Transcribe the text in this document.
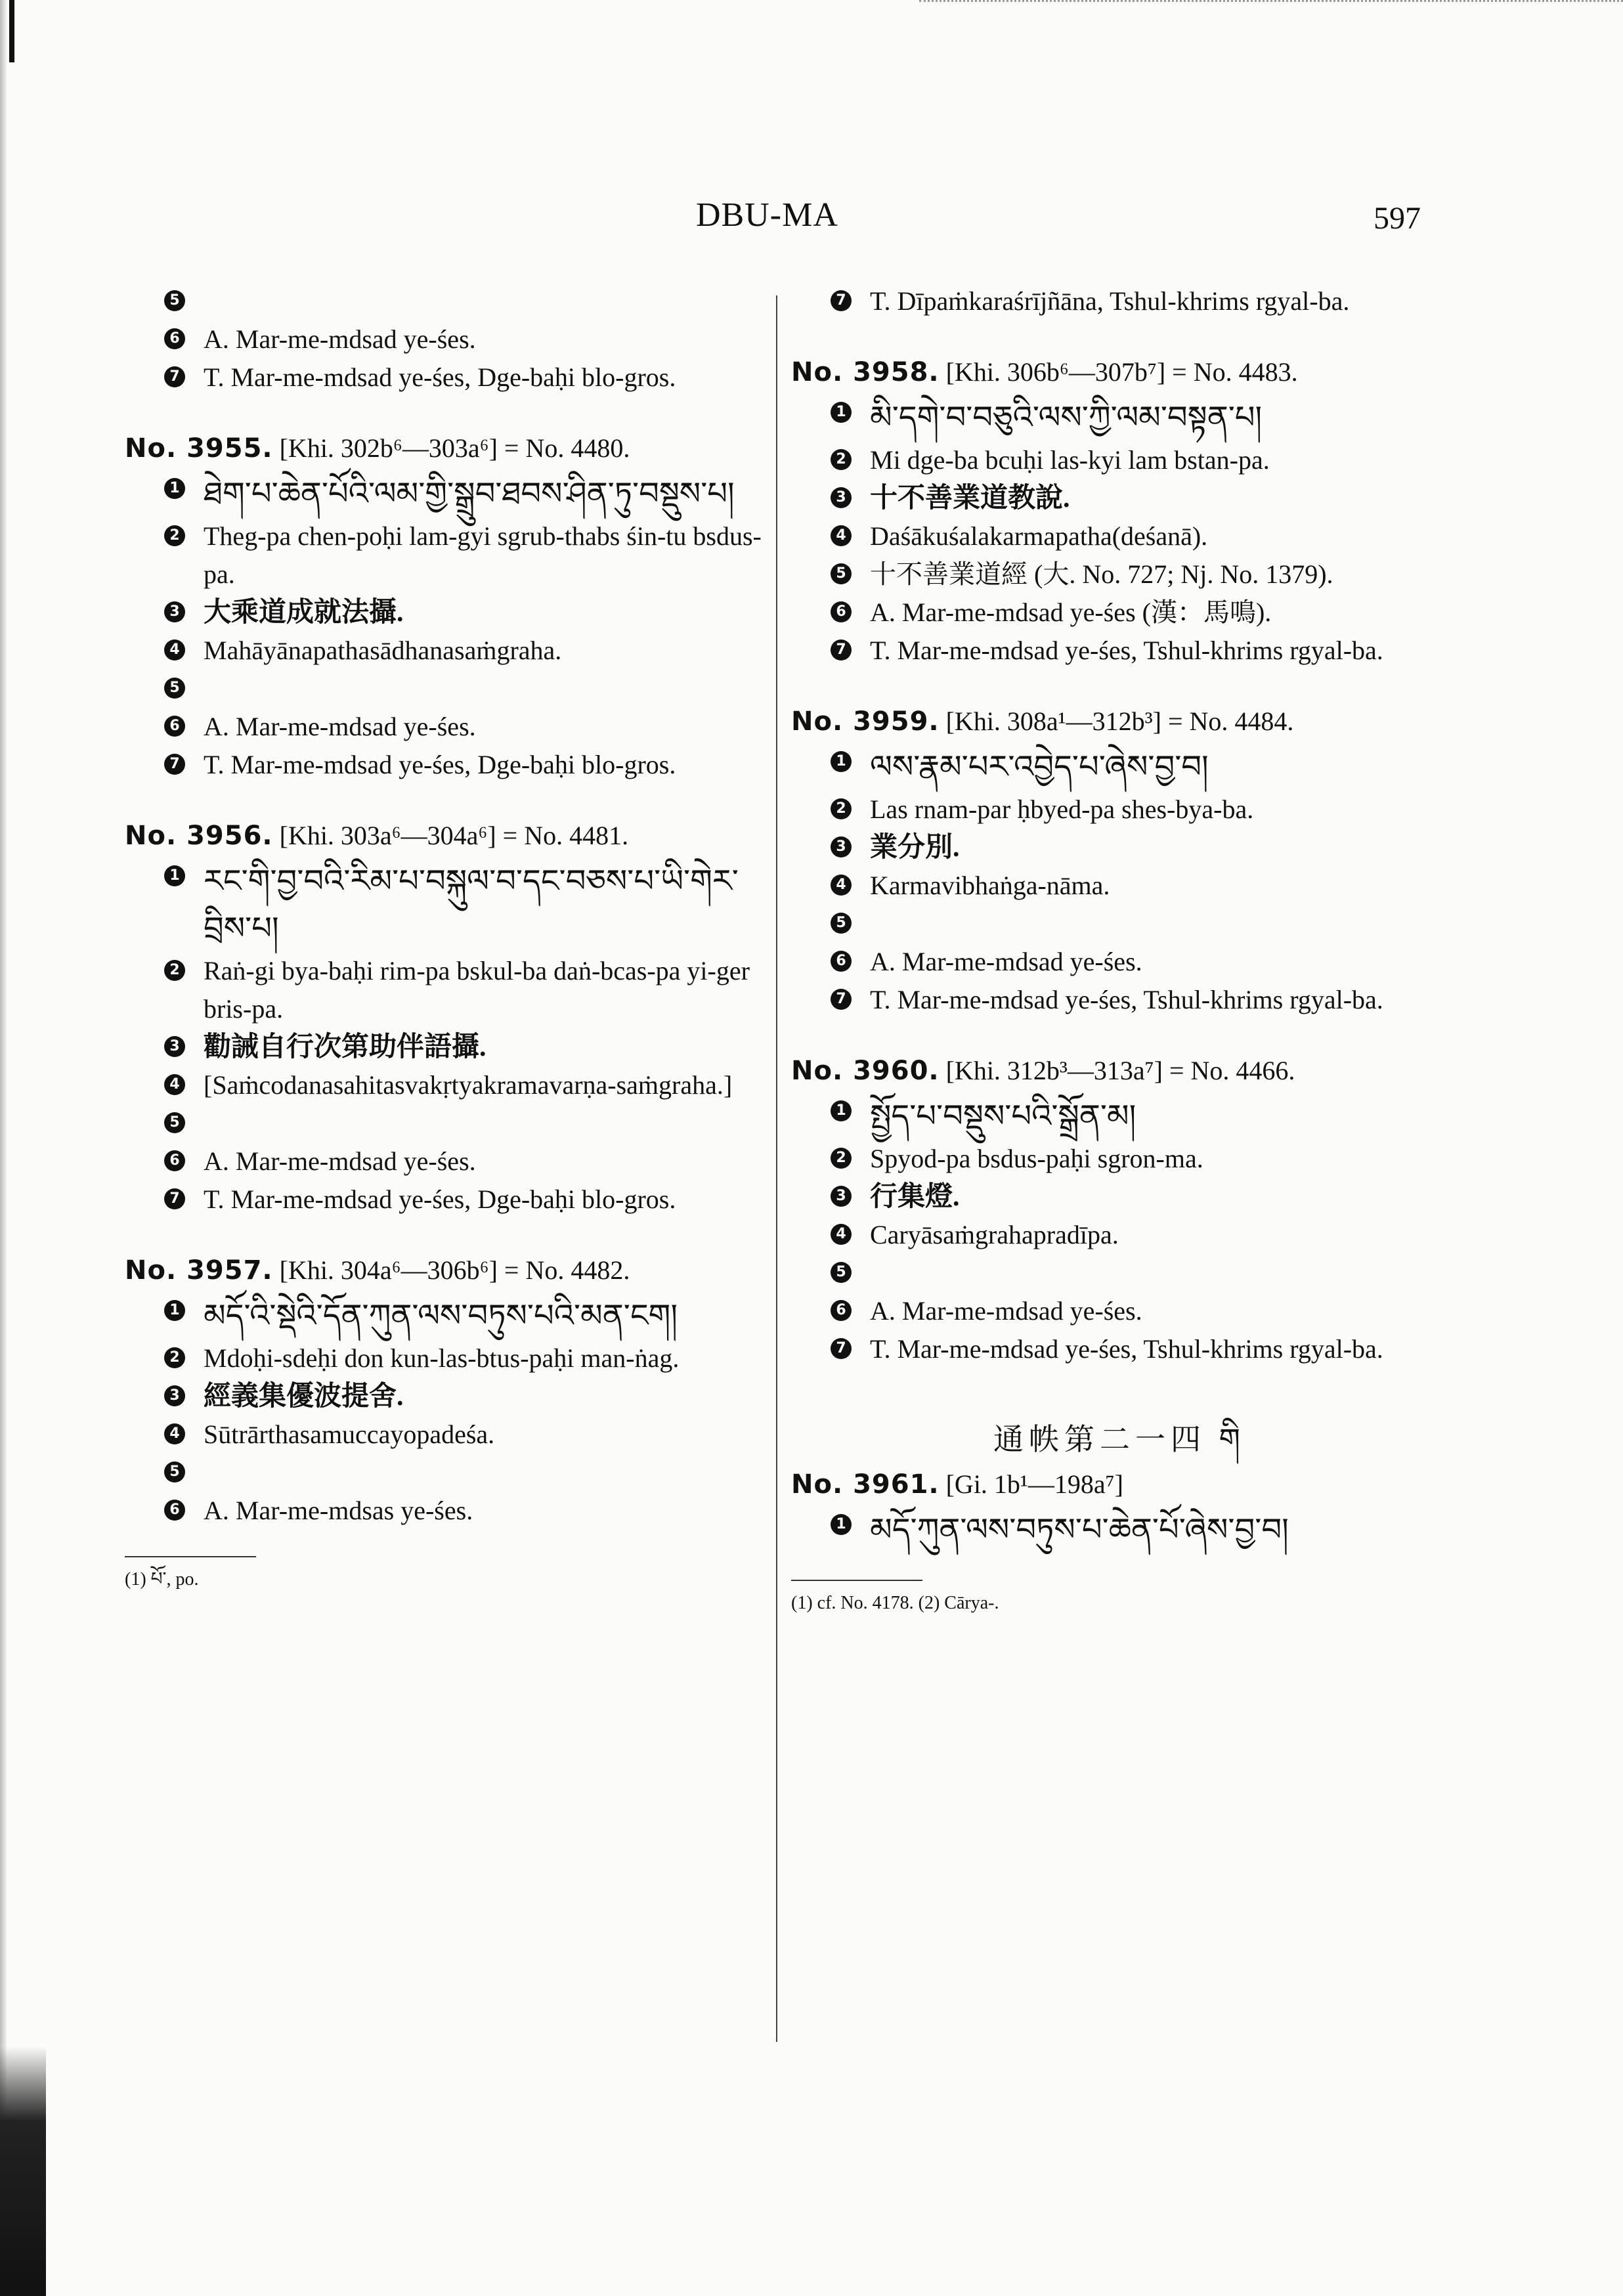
DBU-MA	597
5

6 A. Mar-me-mdsad ye-śes.
7 T. Mar-me-mdsad ye-śes, Dge-baḥi blo-gros.
No. 3955. [Khi. 302b⁶—303a⁶] = No. 4480.
1 ཐེག་པ་ཆེན་པོའི་ལམ་གྱི་སྒྲུབ་ཐབས་ཤིན་ཏུ་བསྡུས་པ།
2 Theg-pa chen-poḥi lam-gyi sgrub-thabs śin-tu bsdus-pa.
3 大乘道成就法攝.
4 Mahāyānapathasādhanasaṁgraha.
5

6 A. Mar-me-mdsad ye-śes.
7 T. Mar-me-mdsad ye-śes, Dge-baḥi blo-gros.
No. 3956. [Khi. 303a⁶—304a⁶] = No. 4481.
1 རང་གི་བྱ་བའི་རིམ་པ་བསྐུལ་བ་དང་བཅས་པ་ཡི་གེར་བྲིས་པ།
2 Raṅ-gi bya-baḥi rim-pa bskul-ba daṅ-bcas-pa yi-ger bris-pa.
3 勸誡自行次第助伴語攝.
4 [Saṁcodanasahitasvakṛtyakramavarṇa-saṁgraha.]
5

6 A. Mar-me-mdsad ye-śes.
7 T. Mar-me-mdsad ye-śes, Dge-baḥi blo-gros.
No. 3957. [Khi. 304a⁶—306b⁶] = No. 4482.
1 མདོ་འི་སྡེའི་དོན་ཀུན་ལས་བཏུས་པའི་མན་ངག།
2 Mdoḥi-sdeḥi don kun-las-btus-paḥi man-ṅag.
3 經義集優波提舍.
4 Sūtrārthasamuccayopadeśa.
5

6 A. Mar-me-mdsas ye-śes.
(1) པོ་, po.
7 T. Dīpaṁkaraśrījñāna, Tshul-khrims rgyal-ba.
No. 3958. [Khi. 306b⁶—307b⁷] = No. 4483.
1 མི་དགེ་བ་བཅུའི་ལས་ཀྱི་ལམ་བསྟན་པ།
2 Mi dge-ba bcuḥi las-kyi lam bstan-pa.
3 十不善業道教說.
4 Daśākuśalakarmapatha(deśanā).
5 十不善業道經 (大. No. 727; Nj. No. 1379).
6 A. Mar-me-mdsad ye-śes (漢：馬鳴).
7 T. Mar-me-mdsad ye-śes, Tshul-khrims rgyal-ba.
No. 3959. [Khi. 308a¹—312b³] = No. 4484.
1 ལས་རྣམ་པར་འབྱེད་པ་ཞེས་བྱ་བ།
2 Las rnam-par ḥbyed-pa shes-bya-ba.
3 業分別.
4 Karmavibhaṅga-nāma.
5

6 A. Mar-me-mdsad ye-śes.
7 T. Mar-me-mdsad ye-śes, Tshul-khrims rgyal-ba.
No. 3960. [Khi. 312b³—313a⁷] = No. 4466.
1 སྤྱོད་པ་བསྡུས་པའི་སྒྲོན་མ།
2 Spyod-pa bsdus-paḥi sgron-ma.
3 行集燈.
4 Caryāsaṁgrahapradīpa.
5

6 A. Mar-me-mdsad ye-śes.
7 T. Mar-me-mdsad ye-śes, Tshul-khrims rgyal-ba.
通帙第二一四 གི
No. 3961. [Gi. 1b¹—198a⁷]
1 མདོ་ཀུན་ལས་བཏུས་པ་ཆེན་པོ་ཞེས་བྱ་བ།
(1) cf. No. 4178. (2) Cārya-.
